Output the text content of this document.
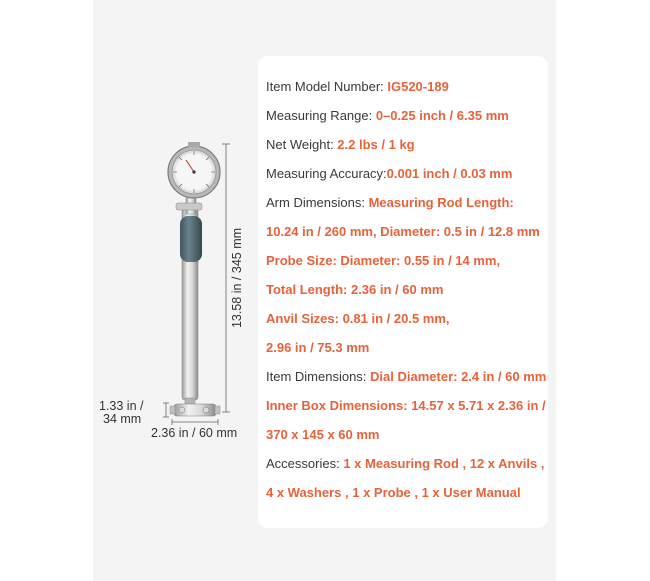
13.58 in / 345 mm
1.33 in /
34 mm
2.36 in / 60 mm
Item Model Number: IG520-189
Measuring Range: 0–0.25 inch / 6.35 mm
Net Weight: 2.2 lbs / 1 kg
Measuring Accuracy:0.001 inch / 0.03 mm
Arm Dimensions: Measuring Rod Length:
10.24 in / 260 mm, Diameter: 0.5 in / 12.8 mm
Probe Size: Diameter: 0.55 in / 14 mm,
Total Length: 2.36 in / 60 mm
Anvil Sizes: 0.81 in / 20.5 mm,
2.96 in / 75.3 mm
Item Dimensions: Dial Diameter: 2.4 in / 60 mm
Inner Box Dimensions: 14.57 x 5.71 x 2.36 in /
370 x 145 x 60 mm
Accessories: 1 x Measuring Rod , 12 x Anvils ,
4 x Washers , 1 x Probe , 1 x User Manual
